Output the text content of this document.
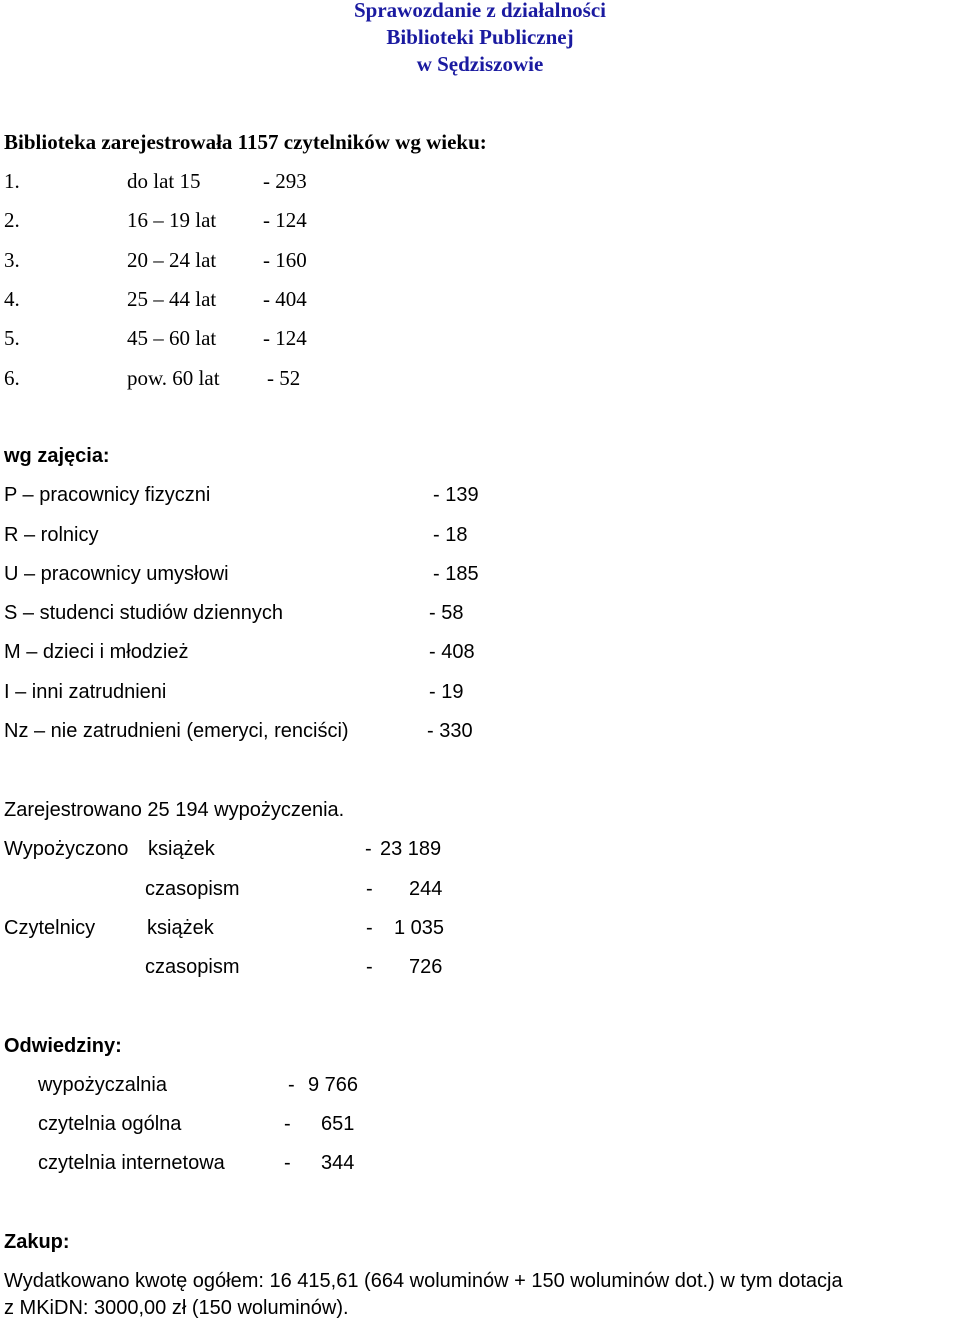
Sprawozdanie z działalności
Biblioteki Publicznej
w Sędziszowie
Biblioteka zarejestrowała 1157 czytelników wg wieku:
1.	do lat 15	- 293
2.	16 – 19 lat - 124
3.	20 – 24 lat - 160
4.	25 – 44 lat - 404
5.	45 – 60 lat - 124
6.	pow. 60 lat - 52
wg zajęcia:
P – pracownicy fizyczni	- 139
R – rolnicy	- 18
U – pracownicy umysłowi	- 185
S – studenci studiów dziennych	- 58
M – dzieci i młodzież	- 408
I – inni zatrudnieni	- 19
Nz – nie zatrudnieni (emeryci, renciści)	- 330
Zarejestrowano 25 194 wypożyczenia.
Wypożyczono książek	- 23 189
czasopism	- 244
Czytelnicy	książek	- 1 035
czasopism	- 726
Odwiedziny:
wypożyczalnia	- 9 766
czytelnia ogólna	- 651
czytelnia internetowa	- 344
Zakup:
Wydatkowano kwotę ogółem: 16 415,61 (664 woluminów + 150 woluminów dot.) w tym dotacja
z MKiDN: 3000,00 zł (150 woluminów).
